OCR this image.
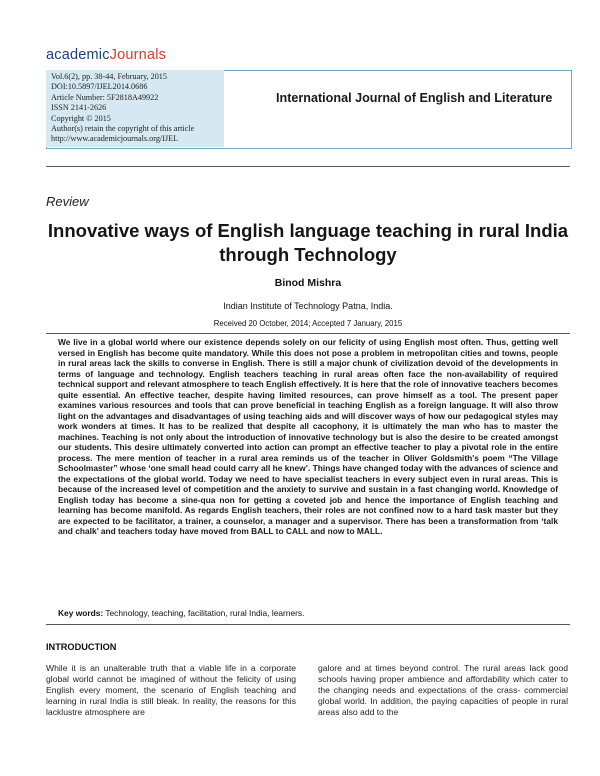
academicJournals
Vol.6(2), pp. 38-44, February, 2015
DOI:10.5897/IJEL2014.0686
Article Number: 5F2818A49922
ISSN 2141-2626
Copyright © 2015
Author(s) retain the copyright of this article
http://www.academicjournals.org/IJEL
International Journal of English and Literature
Review
Innovative ways of English language teaching in rural India through Technology
Binod Mishra
Indian Institute of Technology Patna, India.
Received 20 October, 2014; Accepted 7 January, 2015
We live in a global world where our existence depends solely on our felicity of using English most often. Thus, getting well versed in English has become quite mandatory. While this does not pose a problem in metropolitan cities and towns, people in rural areas lack the skills to converse in English. There is still a major chunk of civilization devoid of the developments in terms of language and technology. English teachers teaching in rural areas often face the non-availability of required technical support and relevant atmosphere to teach English effectively. It is here that the role of innovative teachers becomes quite essential. An effective teacher, despite having limited resources, can prove himself as a tool. The present paper examines various resources and tools that can prove beneficial in teaching English as a foreign language. It will also throw light on the advantages and disadvantages of using teaching aids and will discover ways of how our pedagogical styles may work wonders at times. It has to be realized that despite all cacophony, it is ultimately the man who has to master the machines. Teaching is not only about the introduction of innovative technology but is also the desire to be created amongst our students. This desire ultimately converted into action can prompt an effective teacher to play a pivotal role in the entire process. The mere mention of teacher in a rural area reminds us of the teacher in Oliver Goldsmith's poem “The Village Schoolmaster” whose ‘one small head could carry all he knew’. Things have changed today with the advances of science and the expectations of the global world. Today we need to have specialist teachers in every subject even in rural areas. This is because of the increased level of competition and the anxiety to survive and sustain in a fast changing world. Knowledge of English today has become a sine-qua non for getting a coveted job and hence the importance of English teaching and learning has become manifold. As regards English teachers, their roles are not confined now to a hard task master but they are expected to be facilitator, a trainer, a counselor, a manager and a supervisor. There has been a transformation from ‘talk and chalk’ and teachers today have moved from BALL to CALL and now to MALL.
Key words: Technology, teaching, facilitation, rural India, learners.
INTRODUCTION
While it is an unalterable truth that a viable life in a corporate global world cannot be imagined of without the felicity of using English every moment, the scenario of English teaching and learning in rural India is still bleak. In reality, the reasons for this lacklustre atmosphere are
galore and at times beyond control. The rural areas lack good schools having proper ambience and affordability which cater to the changing needs and expectations of the crass- commercial global world. In addition, the paying capacities of people in rural areas also add to the
